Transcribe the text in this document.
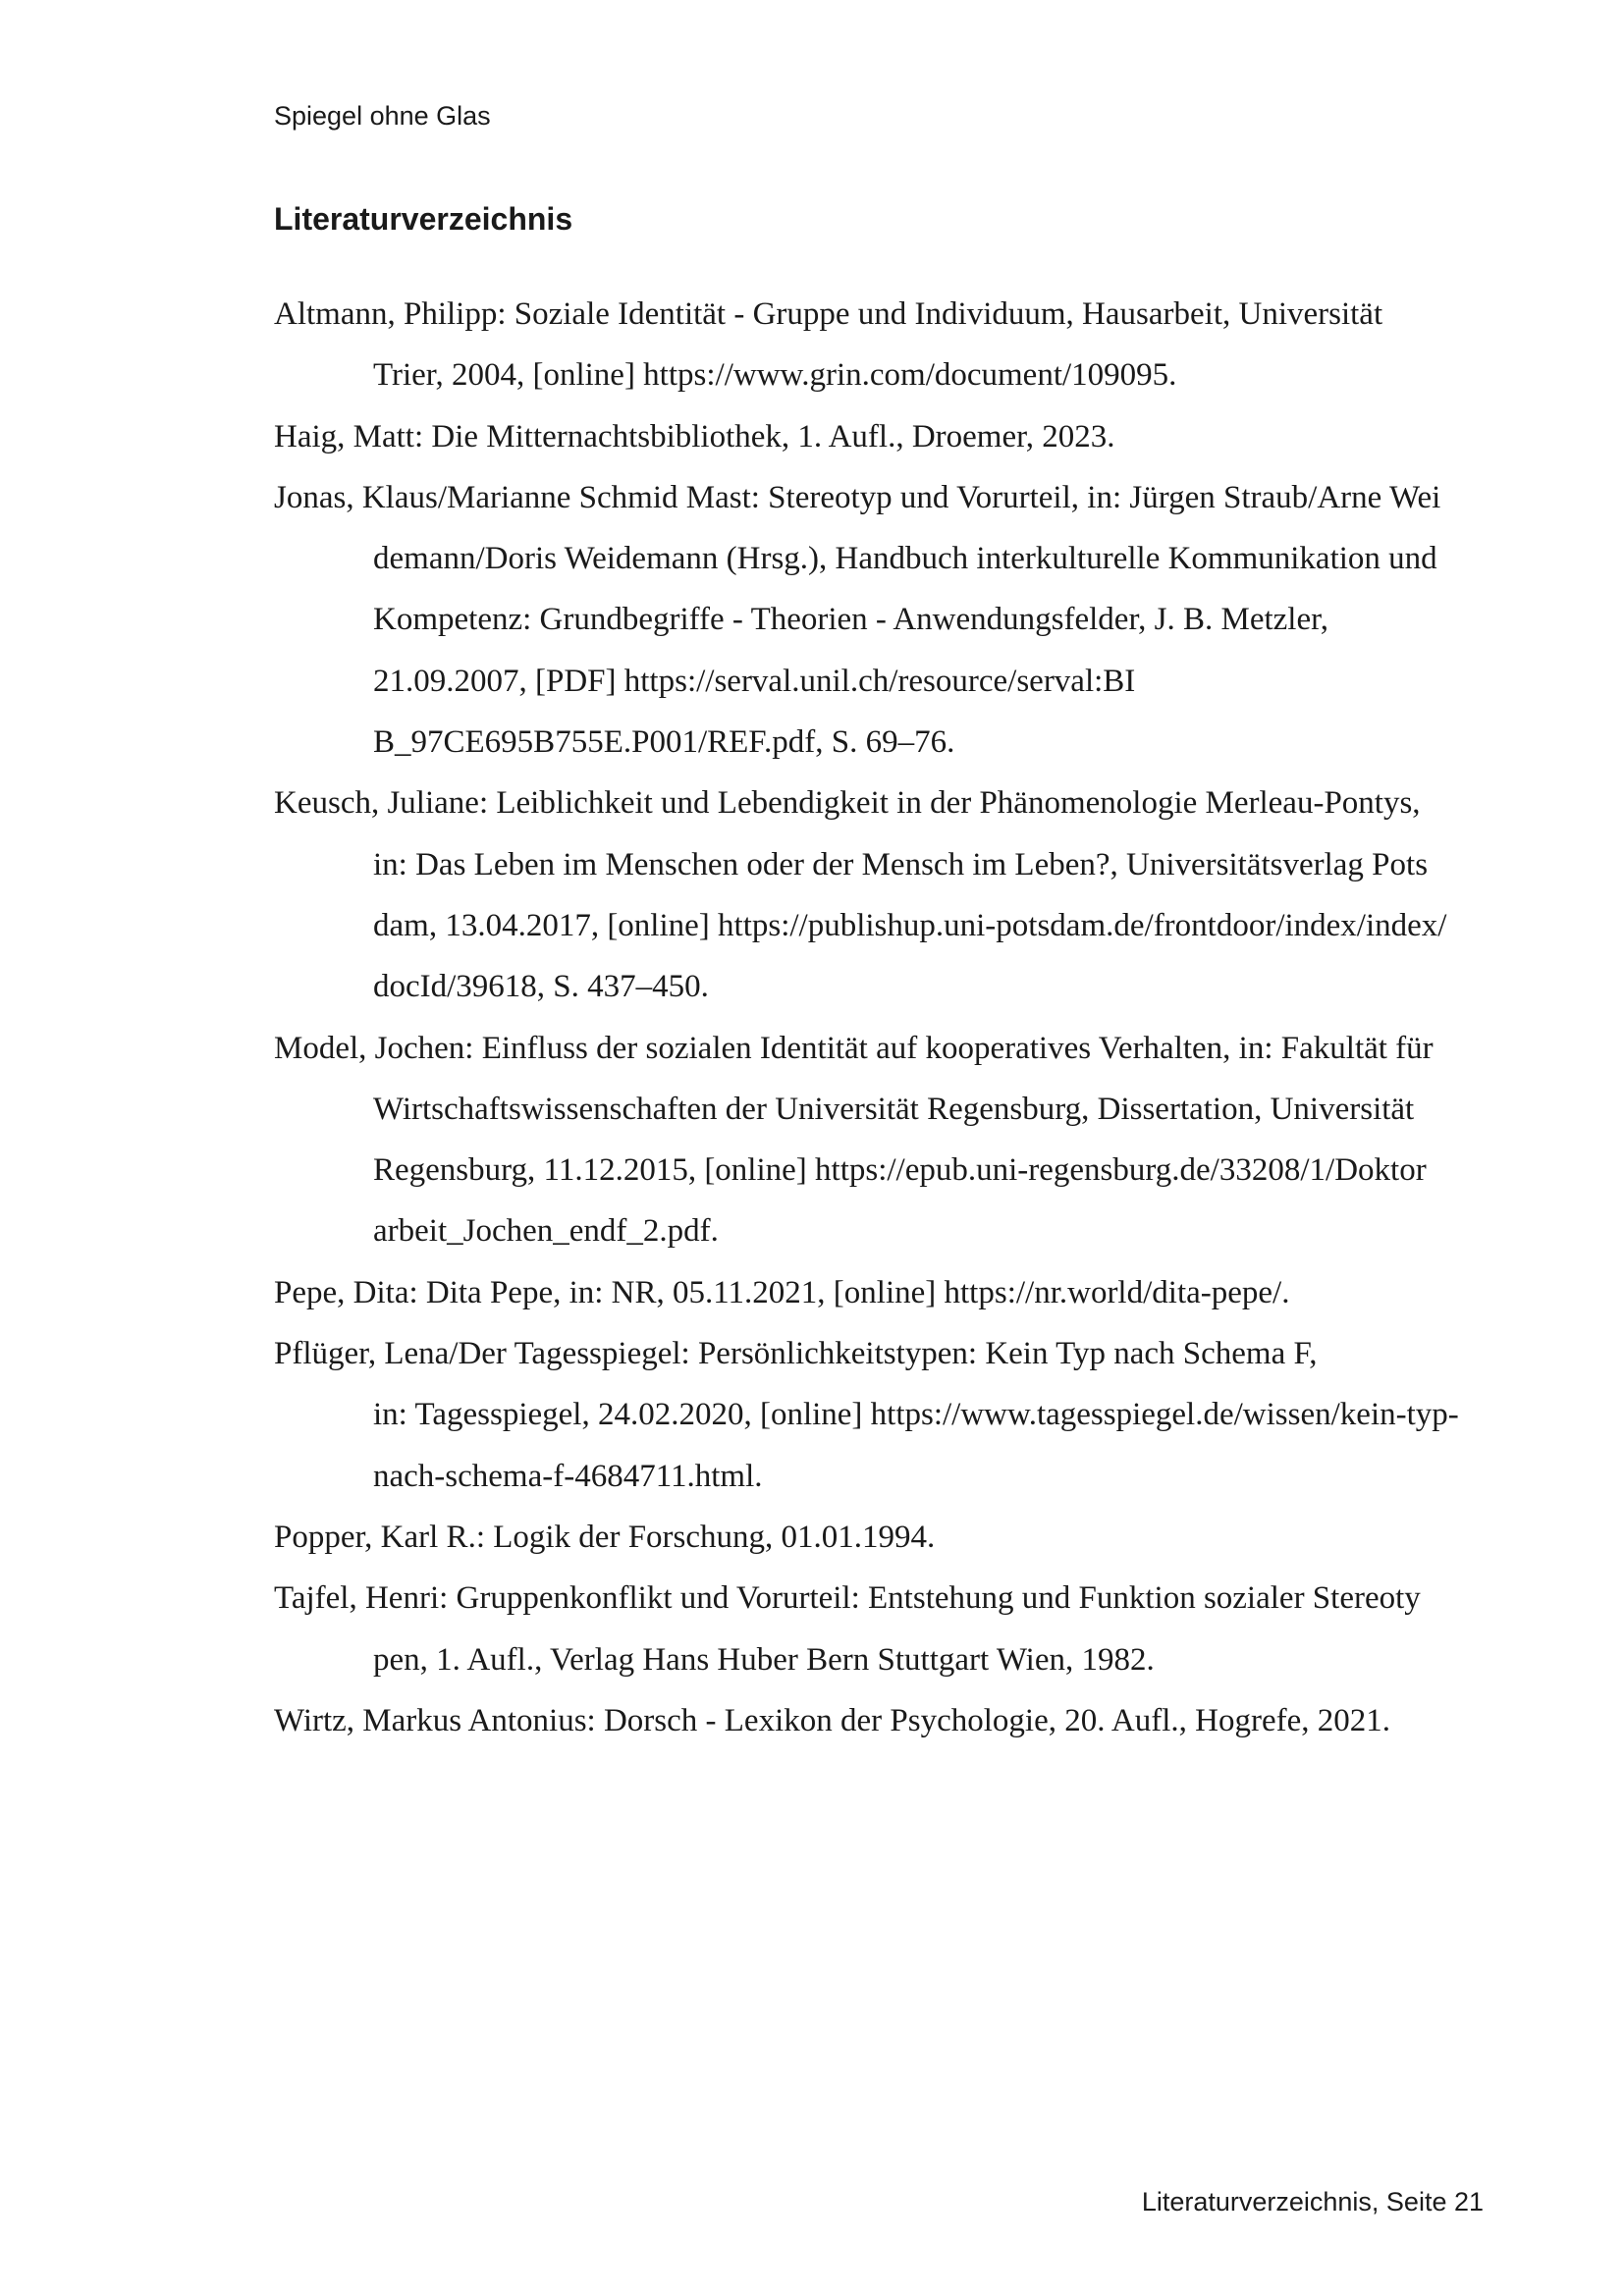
Spiegel ohne Glas

Literaturverzeichnis
Altmann, Philipp: Soziale Identität - Gruppe und Individuum, Hausarbeit, Universität
Trier, 2004, [online] https://www.grin.com/document/109095.
Haig, Matt: Die Mitternachtsbibliothek, 1. Aufl., Droemer, 2023.
Jonas, Klaus/Marianne Schmid Mast: Stereotyp und Vorurteil, in: Jürgen Straub/Arne Wei
demann/Doris Weidemann (Hrsg.), Handbuch interkulturelle Kommunikation und
Kompetenz: Grundbegriffe - Theorien - Anwendungsfelder, J. B. Metzler,
21.09.2007, [PDF] https://serval.unil.ch/resource/serval:BI
B_97CE695B755E.P001/REF.pdf, S. 69–76.
Keusch, Juliane: Leiblichkeit und Lebendigkeit in der Phänomenologie Merleau-Pontys,
in: Das Leben im Menschen oder der Mensch im Leben?, Universitätsverlag Pots
dam, 13.04.2017, [online] https://publishup.uni-potsdam.de/frontdoor/index/index/
docId/39618, S. 437–450.
Model, Jochen: Einfluss der sozialen Identität auf kooperatives Verhalten, in: Fakultät für
Wirtschaftswissenschaften der Universität Regensburg, Dissertation, Universität
Regensburg, 11.12.2015, [online] https://epub.uni-regensburg.de/33208/1/Doktor
arbeit_Jochen_endf_2.pdf.
Pepe, Dita: Dita Pepe, in: NR, 05.11.2021, [online] https://nr.world/dita-pepe/.
Pflüger, Lena/Der Tagesspiegel: Persönlichkeitstypen: Kein Typ nach Schema F,
in: Tagesspiegel, 24.02.2020, [online] https://www.tagesspiegel.de/wissen/kein-typ-
nach-schema-f-4684711.html.
Popper, Karl R.: Logik der Forschung, 01.01.1994.
Tajfel, Henri: Gruppenkonflikt und Vorurteil: Entstehung und Funktion sozialer Stereoty
pen, 1. Aufl., Verlag Hans Huber Bern Stuttgart Wien, 1982.
Wirtz, Markus Antonius: Dorsch - Lexikon der Psychologie, 20. Aufl., Hogrefe, 2021.

Literaturverzeichnis, Seite 21
